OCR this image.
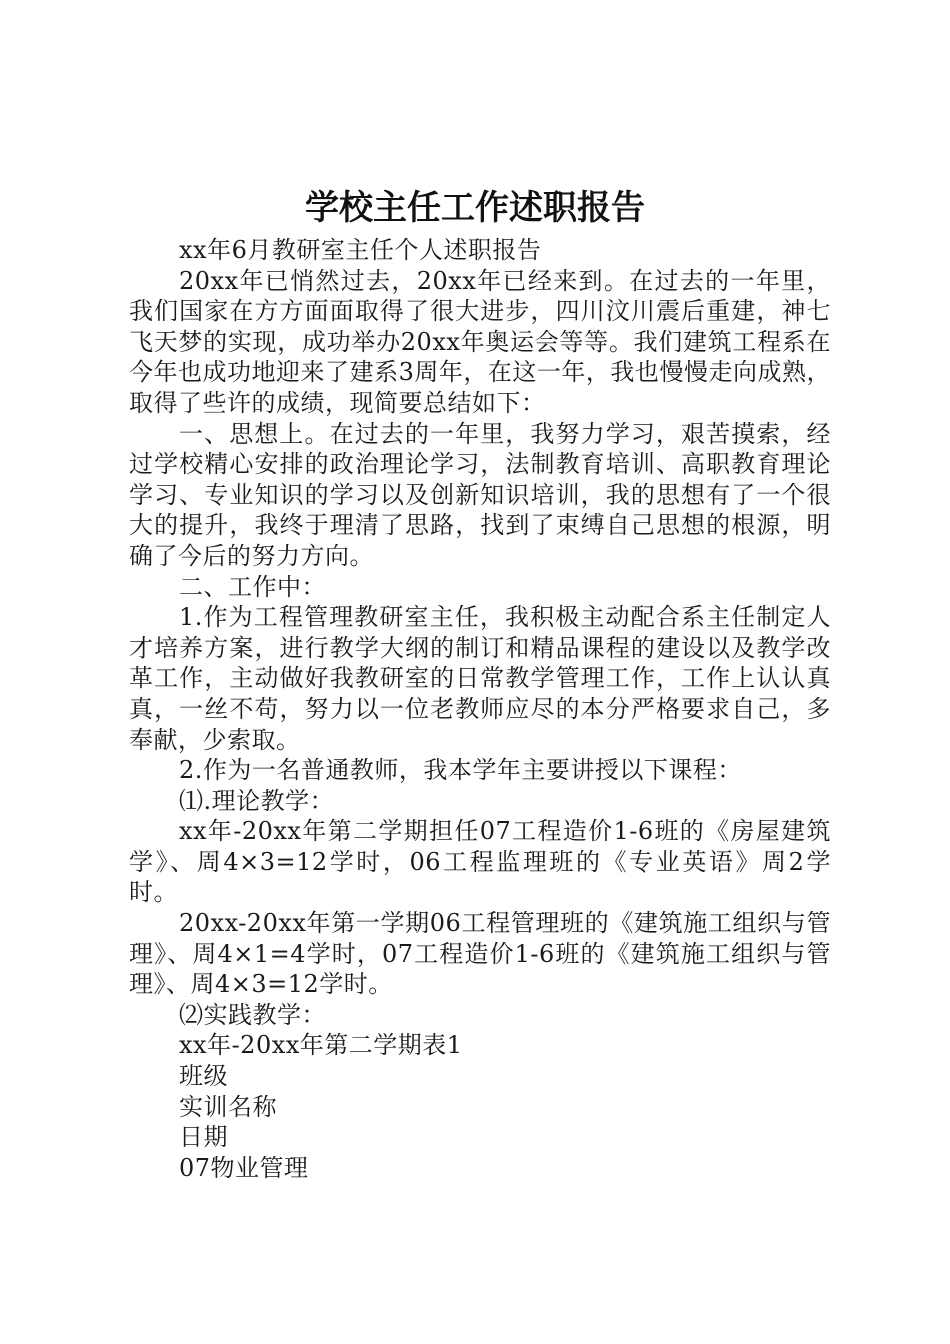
学校主任工作述职报告

xx年6月教研室主任个人述职报告

20xx年已悄然过去，20xx年已经来到。在过去的一年里，我们国家在方方面面取得了很大进步，四川汶川震后重建，神七飞天梦的实现，成功举办20xx年奥运会等等。我们建筑工程系在今年也成功地迎来了建系3周年，在这一年，我也慢慢走向成熟，取得了些许的成绩，现简要总结如下：

一、思想上。在过去的一年里，我努力学习，艰苦摸索，经过学校精心安排的政治理论学习，法制教育培训、高职教育理论学习、专业知识的学习以及创新知识培训，我的思想有了一个很大的提升，我终于理清了思路，找到了束缚自己思想的根源，明确了今后的努力方向。

二、工作中：

1.作为工程管理教研室主任，我积极主动配合系主任制定人才培养方案，进行教学大纲的制订和精品课程的建设以及教学改革工作，主动做好我教研室的日常教学管理工作，工作上认认真真，一丝不苟，努力以一位老教师应尽的本分严格要求自己，多奉献，少索取。

2.作为一名普通教师，我本学年主要讲授以下课程：

⑴.理论教学：

xx年-20xx年第二学期担任07工程造价1-6班的《房屋建筑学》、周4×3=12学时，06工程监理班的《专业英语》周2学时。

20xx-20xx年第一学期06工程管理班的《建筑施工组织与管理》、周4×1=4学时，07工程造价1-6班的《建筑施工组织与管理》、周4×3=12学时。

⑵实践教学：

xx年-20xx年第二学期表1

班级

实训名称

日期

07物业管理
